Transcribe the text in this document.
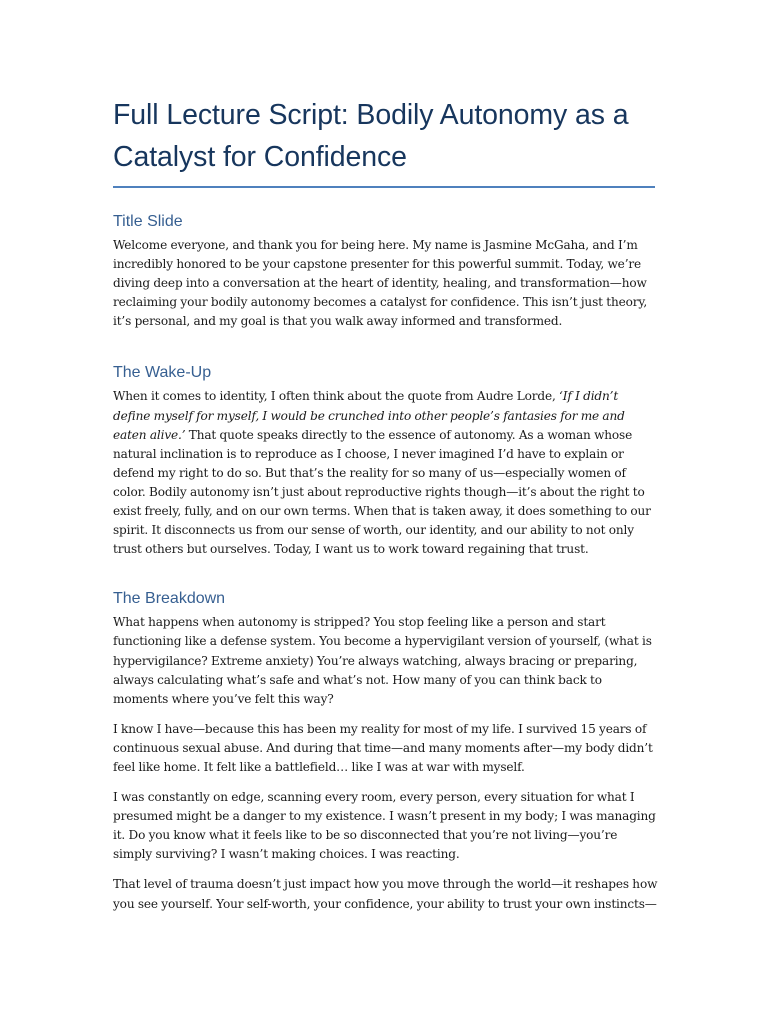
Full Lecture Script: Bodily Autonomy as a Catalyst for Confidence
Title Slide

Welcome everyone, and thank you for being here. My name is Jasmine McGaha, and I’m incredibly honored to be your capstone presenter for this powerful summit. Today, we’re diving deep into a conversation at the heart of identity, healing, and transformation—how reclaiming your bodily autonomy becomes a catalyst for confidence. This isn’t just theory, it’s personal, and my goal is that you walk away informed and transformed.

The Wake-Up

When it comes to identity, I often think about the quote from Audre Lorde, ‘If I didn’t define myself for myself, I would be crunched into other people’s fantasies for me and eaten alive.’ That quote speaks directly to the essence of autonomy. As a woman whose natural inclination is to reproduce as I choose, I never imagined I’d have to explain or defend my right to do so. But that’s the reality for so many of us—especially women of color. Bodily autonomy isn’t just about reproductive rights though—it’s about the right to exist freely, fully, and on our own terms. When that is taken away, it does something to our spirit. It disconnects us from our sense of worth, our identity, and our ability to not only trust others but ourselves. Today, I want us to work toward regaining that trust.

The Breakdown

What happens when autonomy is stripped? You stop feeling like a person and start functioning like a defense system. You become a hypervigilant version of yourself, (what is hypervigilance? Extreme anxiety) You’re always watching, always bracing or preparing, always calculating what’s safe and what’s not. How many of you can think back to moments where you’ve felt this way?

I know I have—because this has been my reality for most of my life. I survived 15 years of continuous sexual abuse. And during that time—and many moments after—my body didn’t feel like home. It felt like a battlefield… like I was at war with myself.

I was constantly on edge, scanning every room, every person, every situation for what I presumed might be a danger to my existence. I wasn’t present in my body; I was managing it. Do you know what it feels like to be so disconnected that you’re not living—you’re simply surviving? I wasn’t making choices. I was reacting.

That level of trauma doesn’t just impact how you move through the world—it reshapes how you see yourself. Your self-worth, your confidence, your ability to trust your own instincts—
